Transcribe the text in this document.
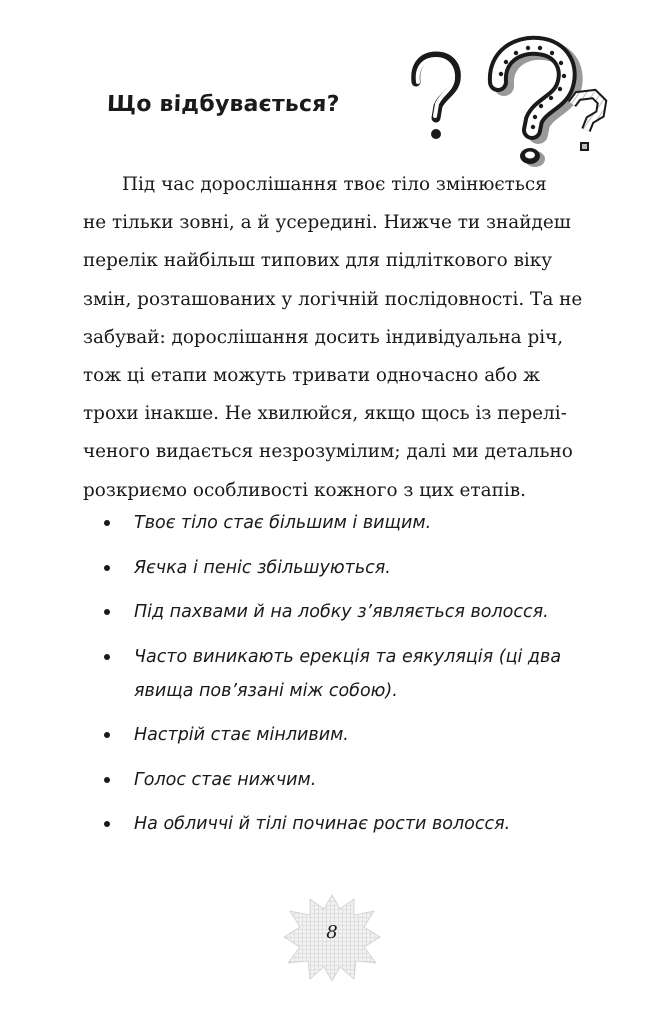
Що відбувається?
Під час дорослішання твоє тіло змінюється
не тільки зовні, а й усередині. Нижче ти знайдеш
перелік найбільш типових для підліткового віку
змін, розташованих у логічній послідовності. Та не
забувай: дорослішання досить індивідуальна річ,
тож ці етапи можуть тривати одночасно або ж
трохи інакше. Не хвилюйся, якщо щось із перелі-
ченого видається незрозумілим; далі ми детально
розкриємо особливості кожного з цих етапів.
Твоє тіло стає більшим і вищим.
Яєчка і пеніс збільшуються.
Під пахвами й на лобку з’являється волосся.
Часто виникають ерекція та еякуляція (ці два
явища пов’язані між собою).
Настрій стає мінливим.
Голос стає нижчим.
На обличчі й тілі починає рости волосся.
8
